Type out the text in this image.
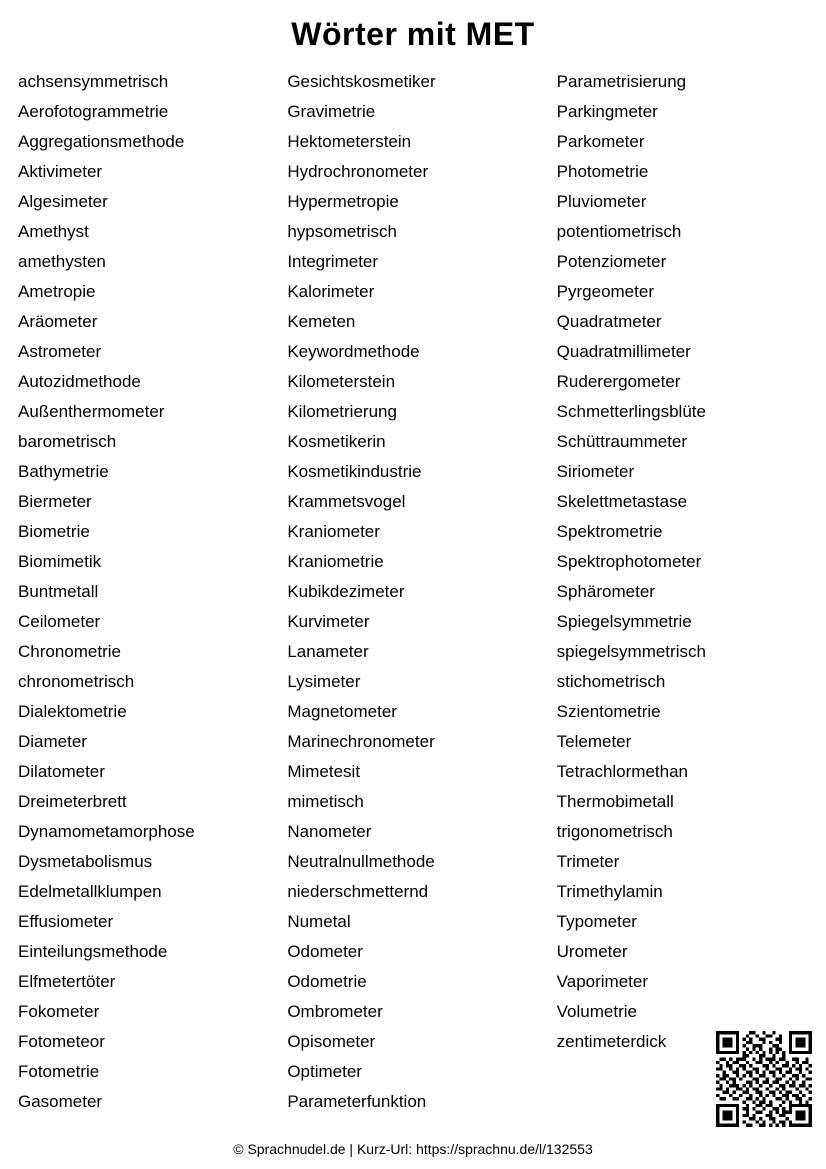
Wörter mit MET
achsensymmetrisch
Aerofotogrammetrie
Aggregationsmethode
Aktivimeter
Algesimeter
Amethyst
amethysten
Ametropie
Aräometer
Astrometer
Autozidmethode
Außenthermometer
barometrisch
Bathymetrie
Biermeter
Biometrie
Biomimetik
Buntmetall
Ceilometer
Chronometrie
chronometrisch
Dialektometrie
Diameter
Dilatometer
Dreimeterbrett
Dynamometamorphose
Dysmetabolismus
Edelmetallklumpen
Effusiometer
Einteilungsmethode
Elfmetertöter
Fokometer
Fotometeor
Fotometrie
Gasometer
Gesichtskosmetiker
Gravimetrie
Hektometerstein
Hydrochronometer
Hypermetropie
hypsometrisch
Integrimeter
Kalorimeter
Kemeten
Keywordmethode
Kilometerstein
Kilometrierung
Kosmetikerin
Kosmetikindustrie
Krammetsvogel
Kraniometer
Kraniometrie
Kubikdezimeter
Kurvimeter
Lanameter
Lysimeter
Magnetometer
Marinechronometer
Mimetesit
mimetisch
Nanometer
Neutralnullmethode
niederschmetternd
Numetal
Odometer
Odometrie
Ombrometer
Opisometer
Optimeter
Parameterfunktion
Parametrisierung
Parkingmeter
Parkometer
Photometrie
Pluviometer
potentiometrisch
Potenziometer
Pyrgeometer
Quadratmeter
Quadratmillimeter
Ruderergometer
Schmetterlingsblüte
Schüttraummeter
Siriometer
Skelettmetastase
Spektrometrie
Spektrophotometer
Sphärometer
Spiegelsymmetrie
spiegelsymmetrisch
stichometrisch
Szientometrie
Telemeter
Tetrachlormethan
Thermobimetall
trigonometrisch
Trimeter
Trimethylamin
Typometer
Urometer
Vaporimeter
Volumetrie
zentimeterdick
© Sprachnudel.de | Kurz-Url: https://sprachnu.de/l/132553
